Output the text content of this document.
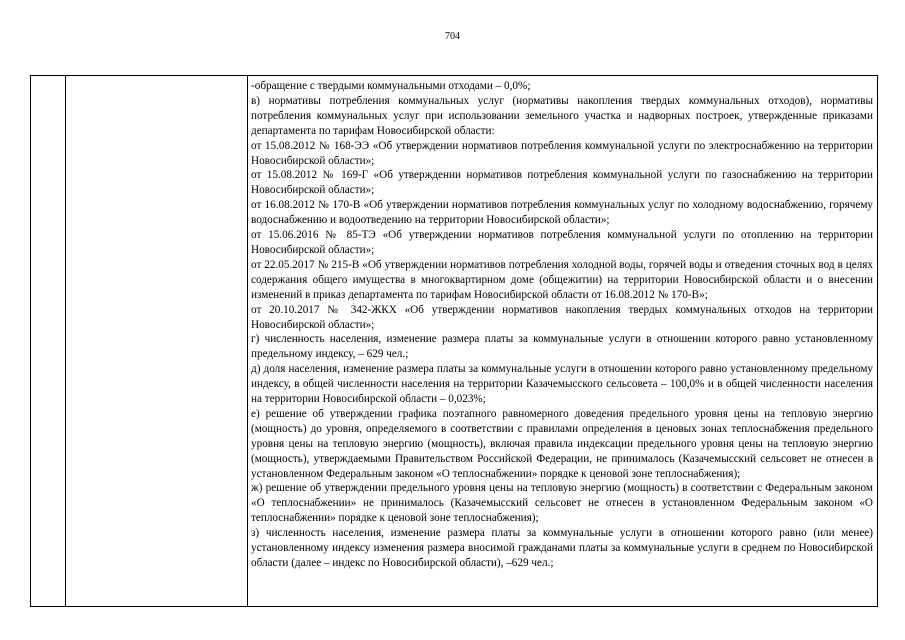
704

-обращение с твердыми коммунальными отходами – 0,0%;

в) нормативы потребления коммунальных услуг (нормативы накопления твердых коммунальных отходов), нормативы потребления коммунальных услуг при использовании земельного участка и надворных построек, утвержденные приказами департамента по тарифам Новосибирской области:

от 15.08.2012 № 168-ЭЭ «Об утверждении нормативов потребления коммунальной услуги по электроснабжению на территории Новосибирской области»;

от 15.08.2012 № 169-Г «Об утверждении нормативов потребления коммунальной услуги по газоснабжению на территории Новосибирской области»;

от 16.08.2012 № 170-В «Об утверждении нормативов потребления коммунальных услуг по холодному водоснабжению, горячему водоснабжению и водоотведению на территории Новосибирской области»;

от 15.06.2016 № 85-ТЭ «Об утверждении нормативов потребления коммунальной услуги по отоплению на территории Новосибирской области»;

от 22.05.2017 № 215-В «Об утверждении нормативов потребления холодной воды, горячей воды и отведения сточных вод в целях содержания общего имущества в многоквартирном доме (общежитии) на территории Новосибирской области и о внесении изменений в приказ департамента по тарифам Новосибирской области от 16.08.2012 № 170-В»;

от 20.10.2017 № 342-ЖКХ «Об утверждении нормативов накопления твердых коммунальных отходов на территории Новосибирской области»;

г) численность населения, изменение размера платы за коммунальные услуги в отношении которого равно установленному предельному индексу, – 629 чел.;

д) доля населения, изменение размера платы за коммунальные услуги в отношении которого равно установленному предельному индексу, в общей численности населения на территории Казачемысского сельсовета – 100,0% и в общей численности населения на территории Новосибирской области – 0,023%;

е) решение об утверждении графика поэтапного равномерного доведения предельного уровня цены на тепловую энергию (мощность) до уровня, определяемого в соответствии с правилами определения в ценовых зонах теплоснабжения предельного уровня цены на тепловую энергию (мощность), включая правила индексации предельного уровня цены на тепловую энергию (мощность), утверждаемыми Правительством Российской Федерации, не принималось (Казачемысский сельсовет не отнесен в установленном Федеральным законом «О теплоснабжении» порядке к ценовой зоне теплоснабжения);

ж) решение об утверждении предельного уровня цены на тепловую энергию (мощность) в соответствии с Федеральным законом «О теплоснабжении» не принималось (Казачемысский сельсовет не отнесен в установленном Федеральным законом «О теплоснабжении» порядке к ценовой зоне теплоснабжения);

з) численность населения, изменение размера платы за коммунальные услуги в отношении которого равно (или менее) установленному индексу изменения размера вносимой гражданами платы за коммунальные услуги в среднем по Новосибирской области (далее – индекс по Новосибирской области), –629 чел.;
